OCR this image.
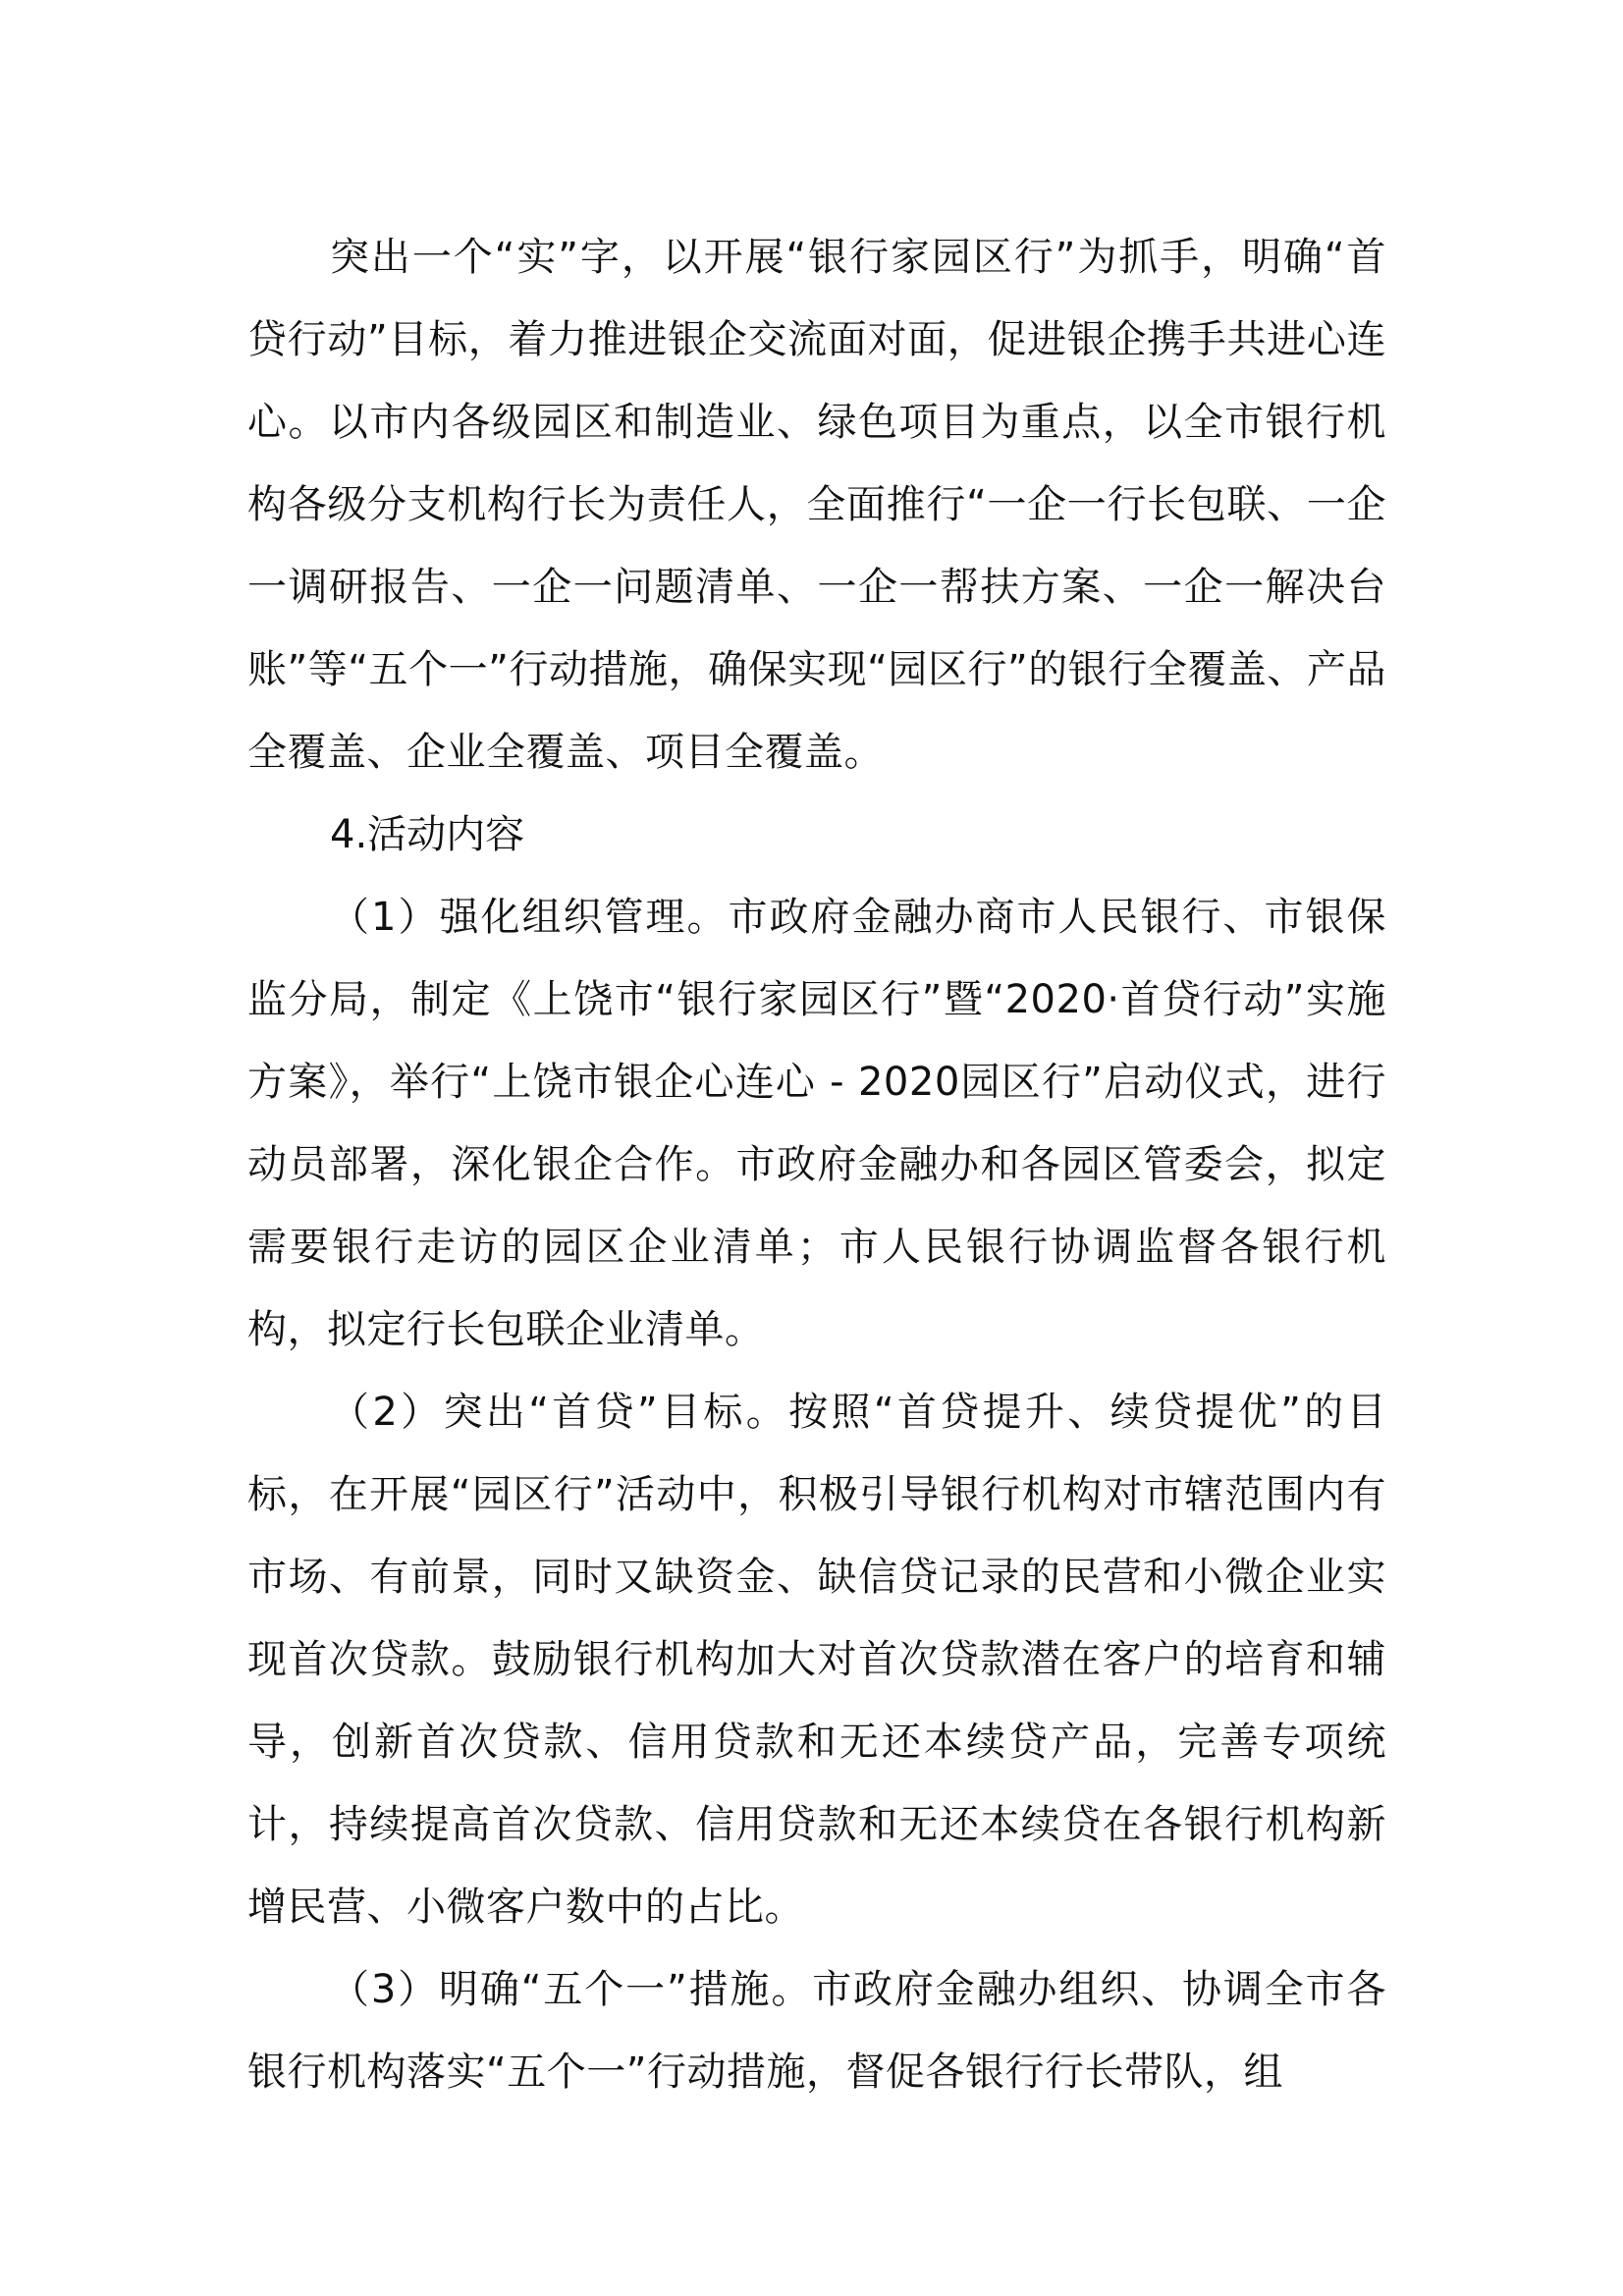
突出一个“实”字，以开展“银行家园区行”为抓手，明确“首贷行动”目标，着力推进银企交流面对面，促进银企携手共进心连心。以市内各级园区和制造业、绿色项目为重点，以全市银行机构各级分支机构行长为责任人，全面推行“一企一行长包联、一企一调研报告、一企一问题清单、一企一帮扶方案、一企一解决台账”等“五个一”行动措施，确保实现“园区行”的银行全覆盖、产品全覆盖、企业全覆盖、项目全覆盖。

4.活动内容

（1）强化组织管理。市政府金融办商市人民银行、市银保监分局，制定《上饶市“银行家园区行”暨“2020·首贷行动”实施方案》，举行“上饶市银企心连心 - 2020园区行”启动仪式，进行动员部署，深化银企合作。市政府金融办和各园区管委会，拟定需要银行走访的园区企业清单；市人民银行协调监督各银行机构，拟定行长包联企业清单。

（2）突出“首贷”目标。按照“首贷提升、续贷提优”的目标，在开展“园区行”活动中，积极引导银行机构对市辖范围内有市场、有前景，同时又缺资金、缺信贷记录的民营和小微企业实现首次贷款。鼓励银行机构加大对首次贷款潜在客户的培育和辅导，创新首次贷款、信用贷款和无还本续贷产品，完善专项统计，持续提高首次贷款、信用贷款和无还本续贷在各银行机构新增民营、小微客户数中的占比。

（3）明确“五个一”措施。市政府金融办组织、协调全市各银行机构落实“五个一”行动措施，督促各银行行长带队，组
